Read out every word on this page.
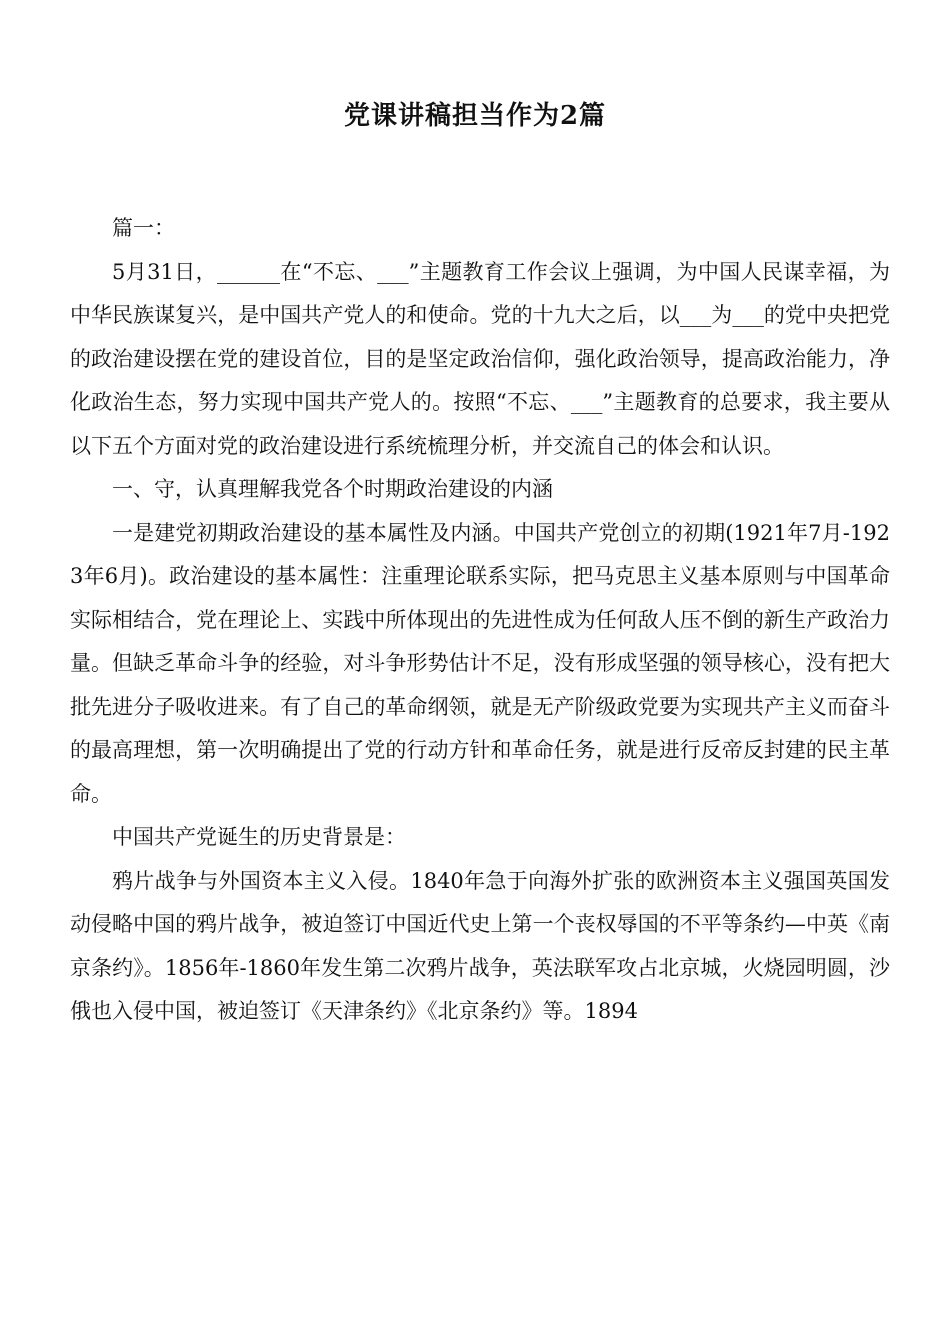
党课讲稿担当作为2篇

篇一：

5月31日，______在“不忘、___”主题教育工作会议上强调，为中国人民谋幸福，为中华民族谋复兴，是中国共产党人的和使命。党的十九大之后，以___为___的党中央把党的政治建设摆在党的建设首位，目的是坚定政治信仰，强化政治领导，提高政治能力，净化政治生态，努力实现中国共产党人的。按照“不忘、___”主题教育的总要求，我主要从以下五个方面对党的政治建设进行系统梳理分析，并交流自己的体会和认识。

一、守，认真理解我党各个时期政治建设的内涵

一是建党初期政治建设的基本属性及内涵。中国共产党创立的初期(1921年7月-1923年6月)。政治建设的基本属性：注重理论联系实际，把马克思主义基本原则与中国革命实际相结合，党在理论上、实践中所体现出的先进性成为任何敌人压不倒的新生产政治力量。但缺乏革命斗争的经验，对斗争形势估计不足，没有形成坚强的领导核心，没有把大批先进分子吸收进来。有了自己的革命纲领，就是无产阶级政党要为实现共产主义而奋斗的最高理想，第一次明确提出了党的行动方针和革命任务，就是进行反帝反封建的民主革命。

中国共产党诞生的历史背景是：

鸦片战争与外国资本主义入侵。1840年急于向海外扩张的欧洲资本主义强国英国发动侵略中国的鸦片战争，被迫签订中国近代史上第一个丧权辱国的不平等条约—中英《南京条约》。1856年-1860年发生第二次鸦片战争，英法联军攻占北京城，火烧园明圆，沙俄也入侵中国，被迫签订《天津条约》《北京条约》等。1894
